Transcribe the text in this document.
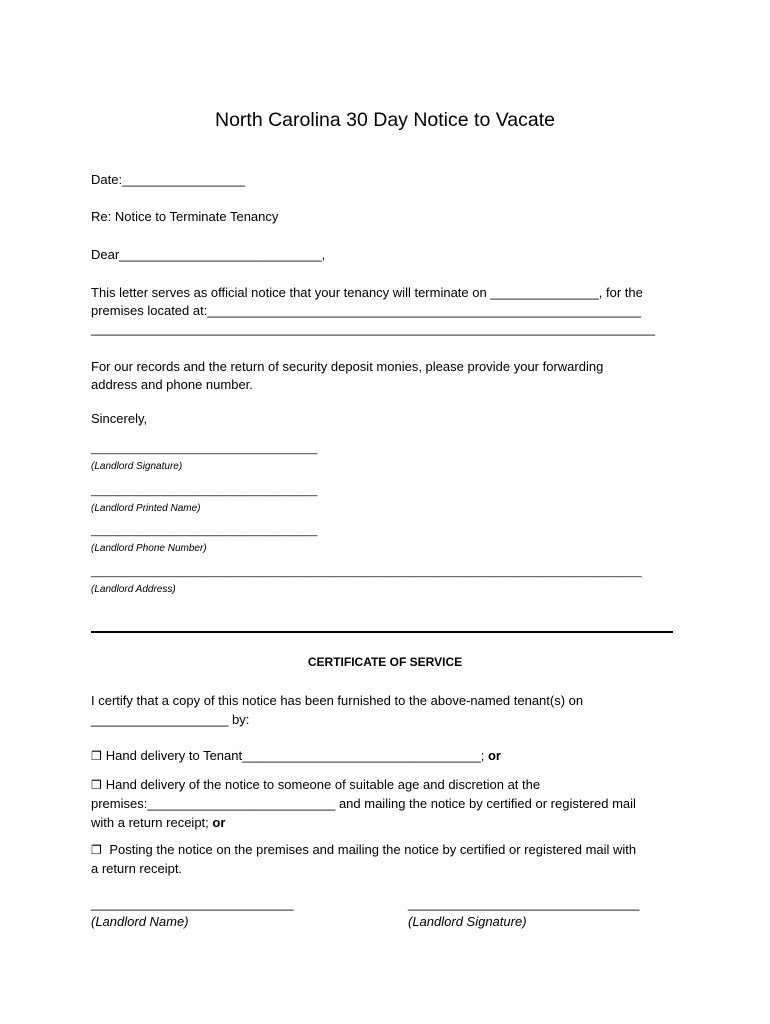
North Carolina 30 Day Notice to Vacate
Date:_________________
Re: Notice to Terminate Tenancy
Dear____________________________,
This letter serves as official notice that your tenancy will terminate on _______________, for the
premises located at:____________________________________________________________
______________________________________________________________________________
For our records and the return of security deposit monies, please provide your forwarding
address and phone number.
Sincerely,
_____________________________________
(Landlord Signature)
_____________________________________
(Landlord Printed Name)
_____________________________________
(Landlord Phone Number)
__________________________________________________________________________________________
(Landlord Address)
CERTIFICATE OF SERVICE
I certify that a copy of this notice has been furnished to the above-named tenant(s) on
___________________ by:
❒ Hand delivery to Tenant_________________________________; or
❒ Hand delivery of the notice to someone of suitable age and discretion at the
premises:__________________________ and mailing the notice by certified or registered mail
with a return receipt; or
❒ Posting the notice on the premises and mailing the notice by certified or registered mail with
a return receipt.
____________________________	________________________________
(Landlord Name)	(Landlord Signature)
